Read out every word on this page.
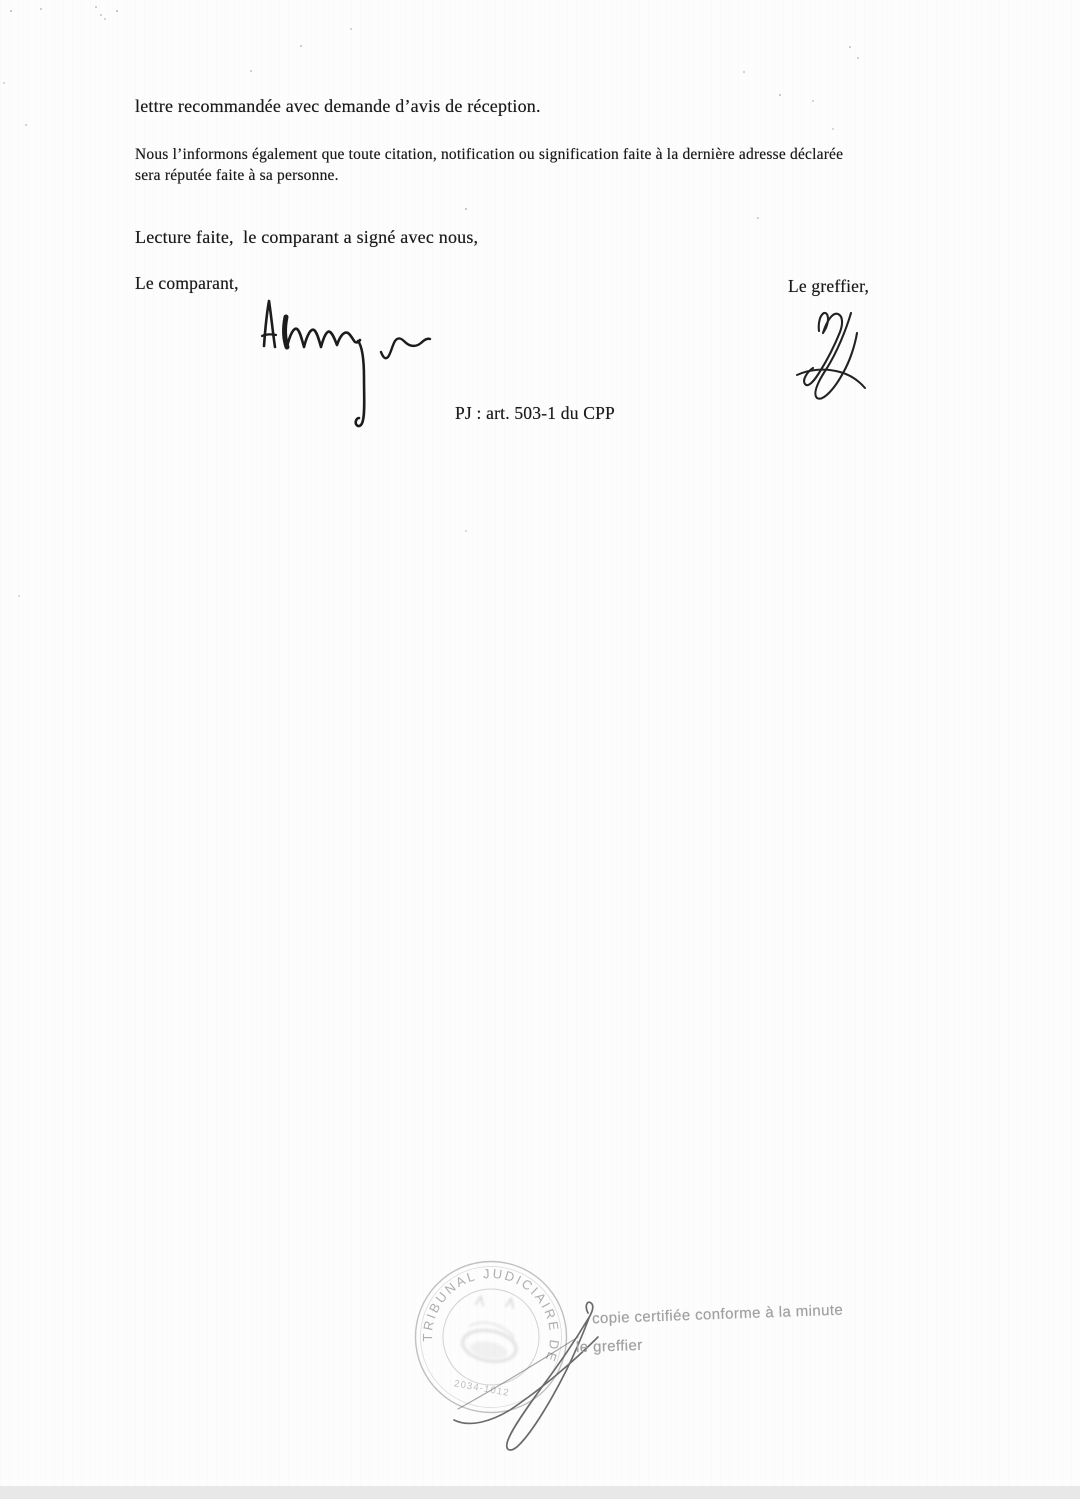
lettre recommandée avec demande d’avis de réception.
Nous l’informons également que toute citation, notification ou signification faite à la dernière adresse déclarée
sera réputée faite à sa personne.
Lecture faite,  le comparant a signé avec nous,
Le comparant,	Le greffier,
PJ : art. 503-1 du CPP
TRIBUNAL JUDICIAIRE DE
2034-1012
copie certifiée conforme à la minute
le greffier
